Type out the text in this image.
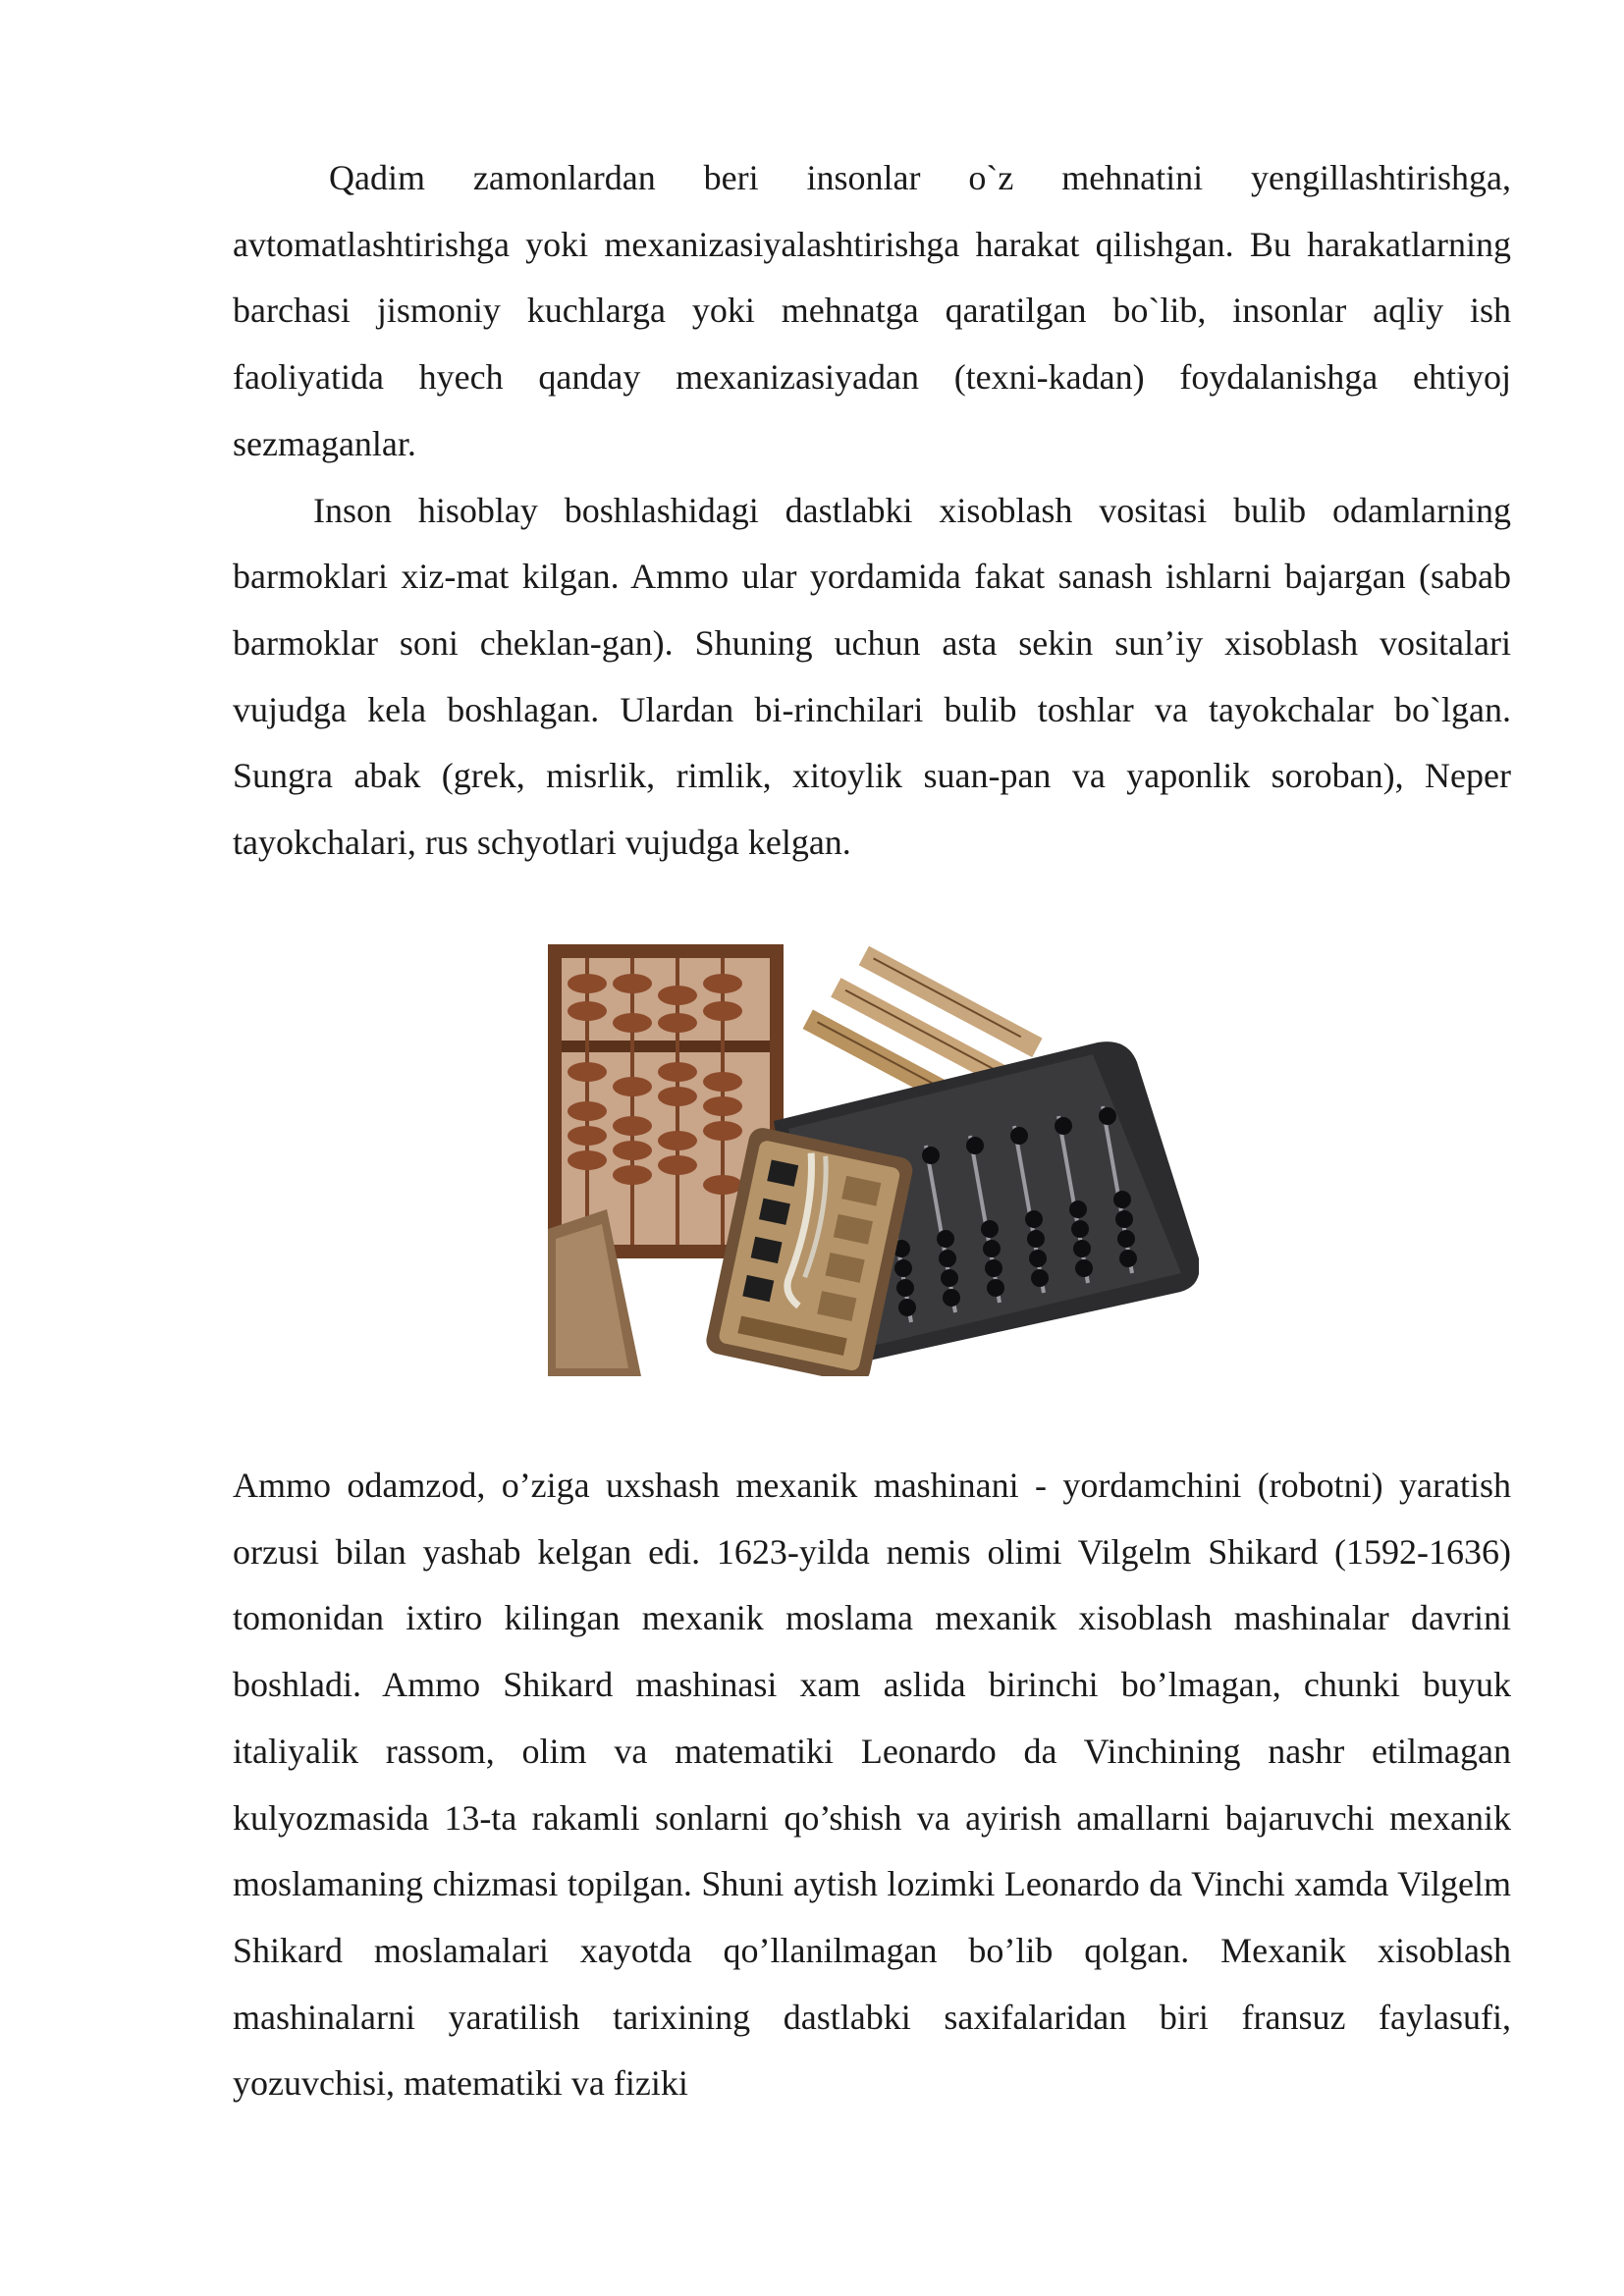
Qadim zamonlardan beri insonlar o`z mehnatini yengillashtirishga, avtomatlashtirishga yoki mexanizasiyalashtirishga harakat qilishgan. Bu harakatlarning barchasi jismoniy kuchlarga yoki mehnatga qaratilgan bo`lib, insonlar aqliy ish faoliyatida hyech qanday mexanizasiyadan (texni-kadan) foydalanishga ehtiyoj sezmaganlar.

Inson hisoblay boshlashidagi dastlabki xisoblash vositasi bulib odamlarning barmoklari xiz-mat kilgan. Ammo ular yordamida fakat sanash ishlarni bajargan (sabab barmoklar soni cheklan-gan). Shuning uchun asta sekin sun’iy xisoblash vositalari vujudga kela boshlagan. Ulardan bi-rinchilari bulib toshlar va tayokchalar bo`lgan. Sungra abak (grek, misrlik, rimlik, xitoylik suan-pan va yaponlik soroban), Neper tayokchalari, rus schyotlari vujudga kelgan.

Ammo odamzod, o’ziga uxshash mexanik mashinani - yordamchini (robotni) yaratish orzusi bilan yashab kelgan edi. 1623-yilda nemis olimi Vilgelm Shikard (1592-1636) tomonidan ixtiro kilingan mexanik moslama mexanik xisoblash mashinalar davrini boshladi. Ammo Shikard mashinasi xam aslida birinchi bo’lmagan, chunki buyuk italiyalik rassom, olim va matematiki Leonardo da Vinchining nashr etilmagan kulyozmasida 13-ta rakamli sonlarni qo’shish va ayirish amallarni bajaruvchi mexanik moslamaning chizmasi topilgan. Shuni aytish lozimki Leonardo da Vinchi xamda Vilgelm Shikard moslamalari xayotda qo’llanilmagan bo’lib qolgan. Mexanik xisoblash mashinalarni yaratilish tarixining dastlabki saxifalaridan biri fransuz faylasufi, yozuvchisi, matematiki va fiziki
